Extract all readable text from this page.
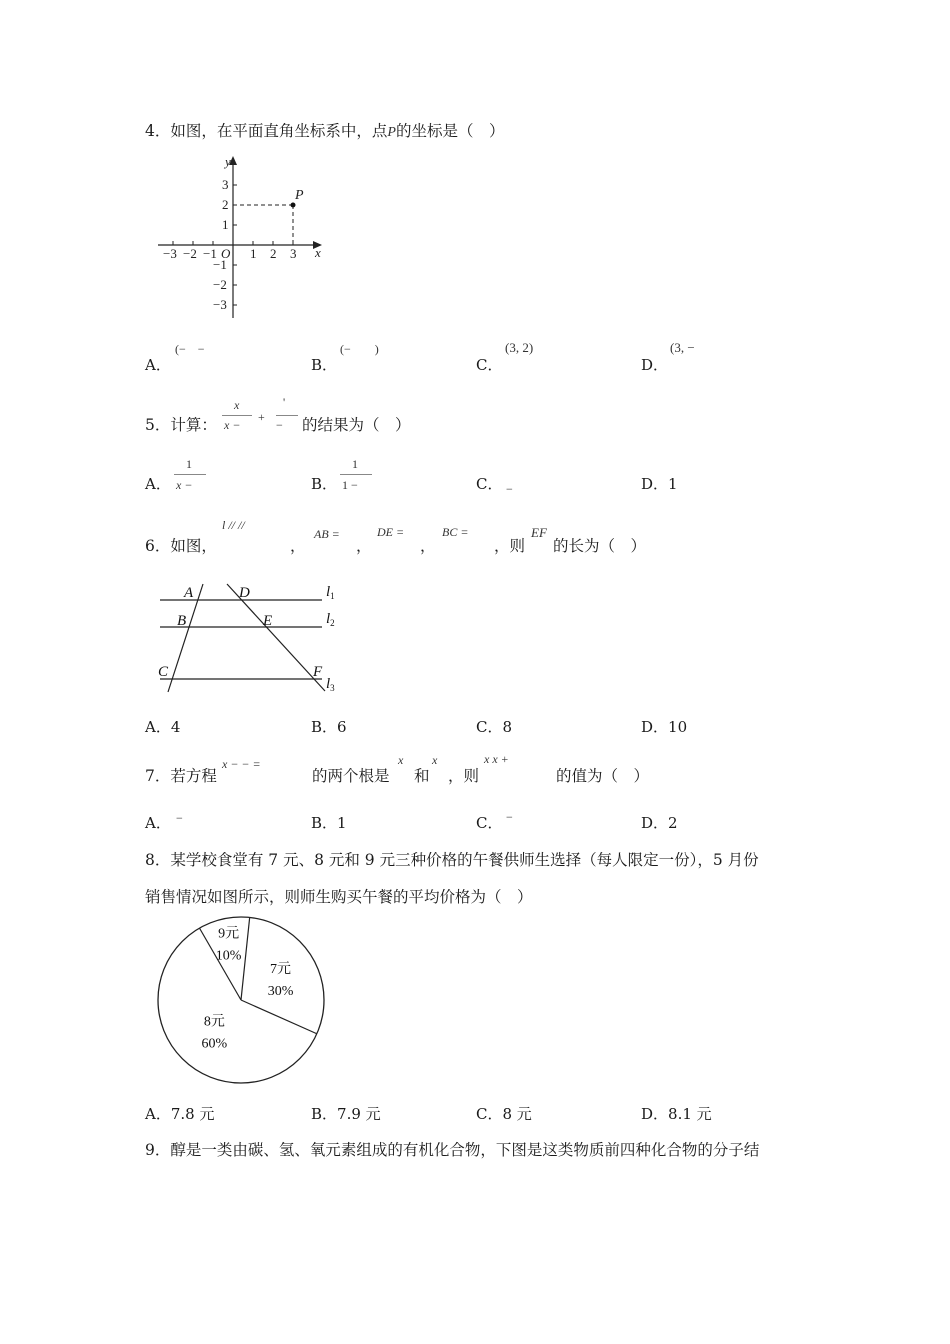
4．如图，在平面直角坐标系中，点P的坐标是（　）
−3 −2 −1	1 2 3
3
2
1
−1
−2
−3
O	x
y
P
A．
(−　−
B．
(−　　)
C．
(3, 2)
D．
(3, −
5．计算：
x
x −
+
'
− 的结果为（　）
A．
1
x −	B．
1
1 −	C． −	D．1
6．如图，
l // //
，
AB =
，
DE =
，
BC =
，则
EF
的长为（　）
A
B
C
D
E
F
$l_1$
$l_2$
$l_3$
A．4	B．6	C．8	D．10
7．若方程
x − − =
的两个根是
x
和
x
，则
x x +
的值为（　）
A． −	B．1	C． −	D．2
8．某学校食堂有 7 元、8 元和 9 元三种价格的午餐供师生选择（每人限定一份），5 月份
销售情况如图所示，则师生购买午餐的平均价格为（　）
7元
30%
8元
60%
9元
10%
A．7.8 元	B．7.9 元	C．8 元	D．8.1 元
9．醇是一类由碳、氢、氧元素组成的有机化合物，下图是这类物质前四种化合物的分子结
